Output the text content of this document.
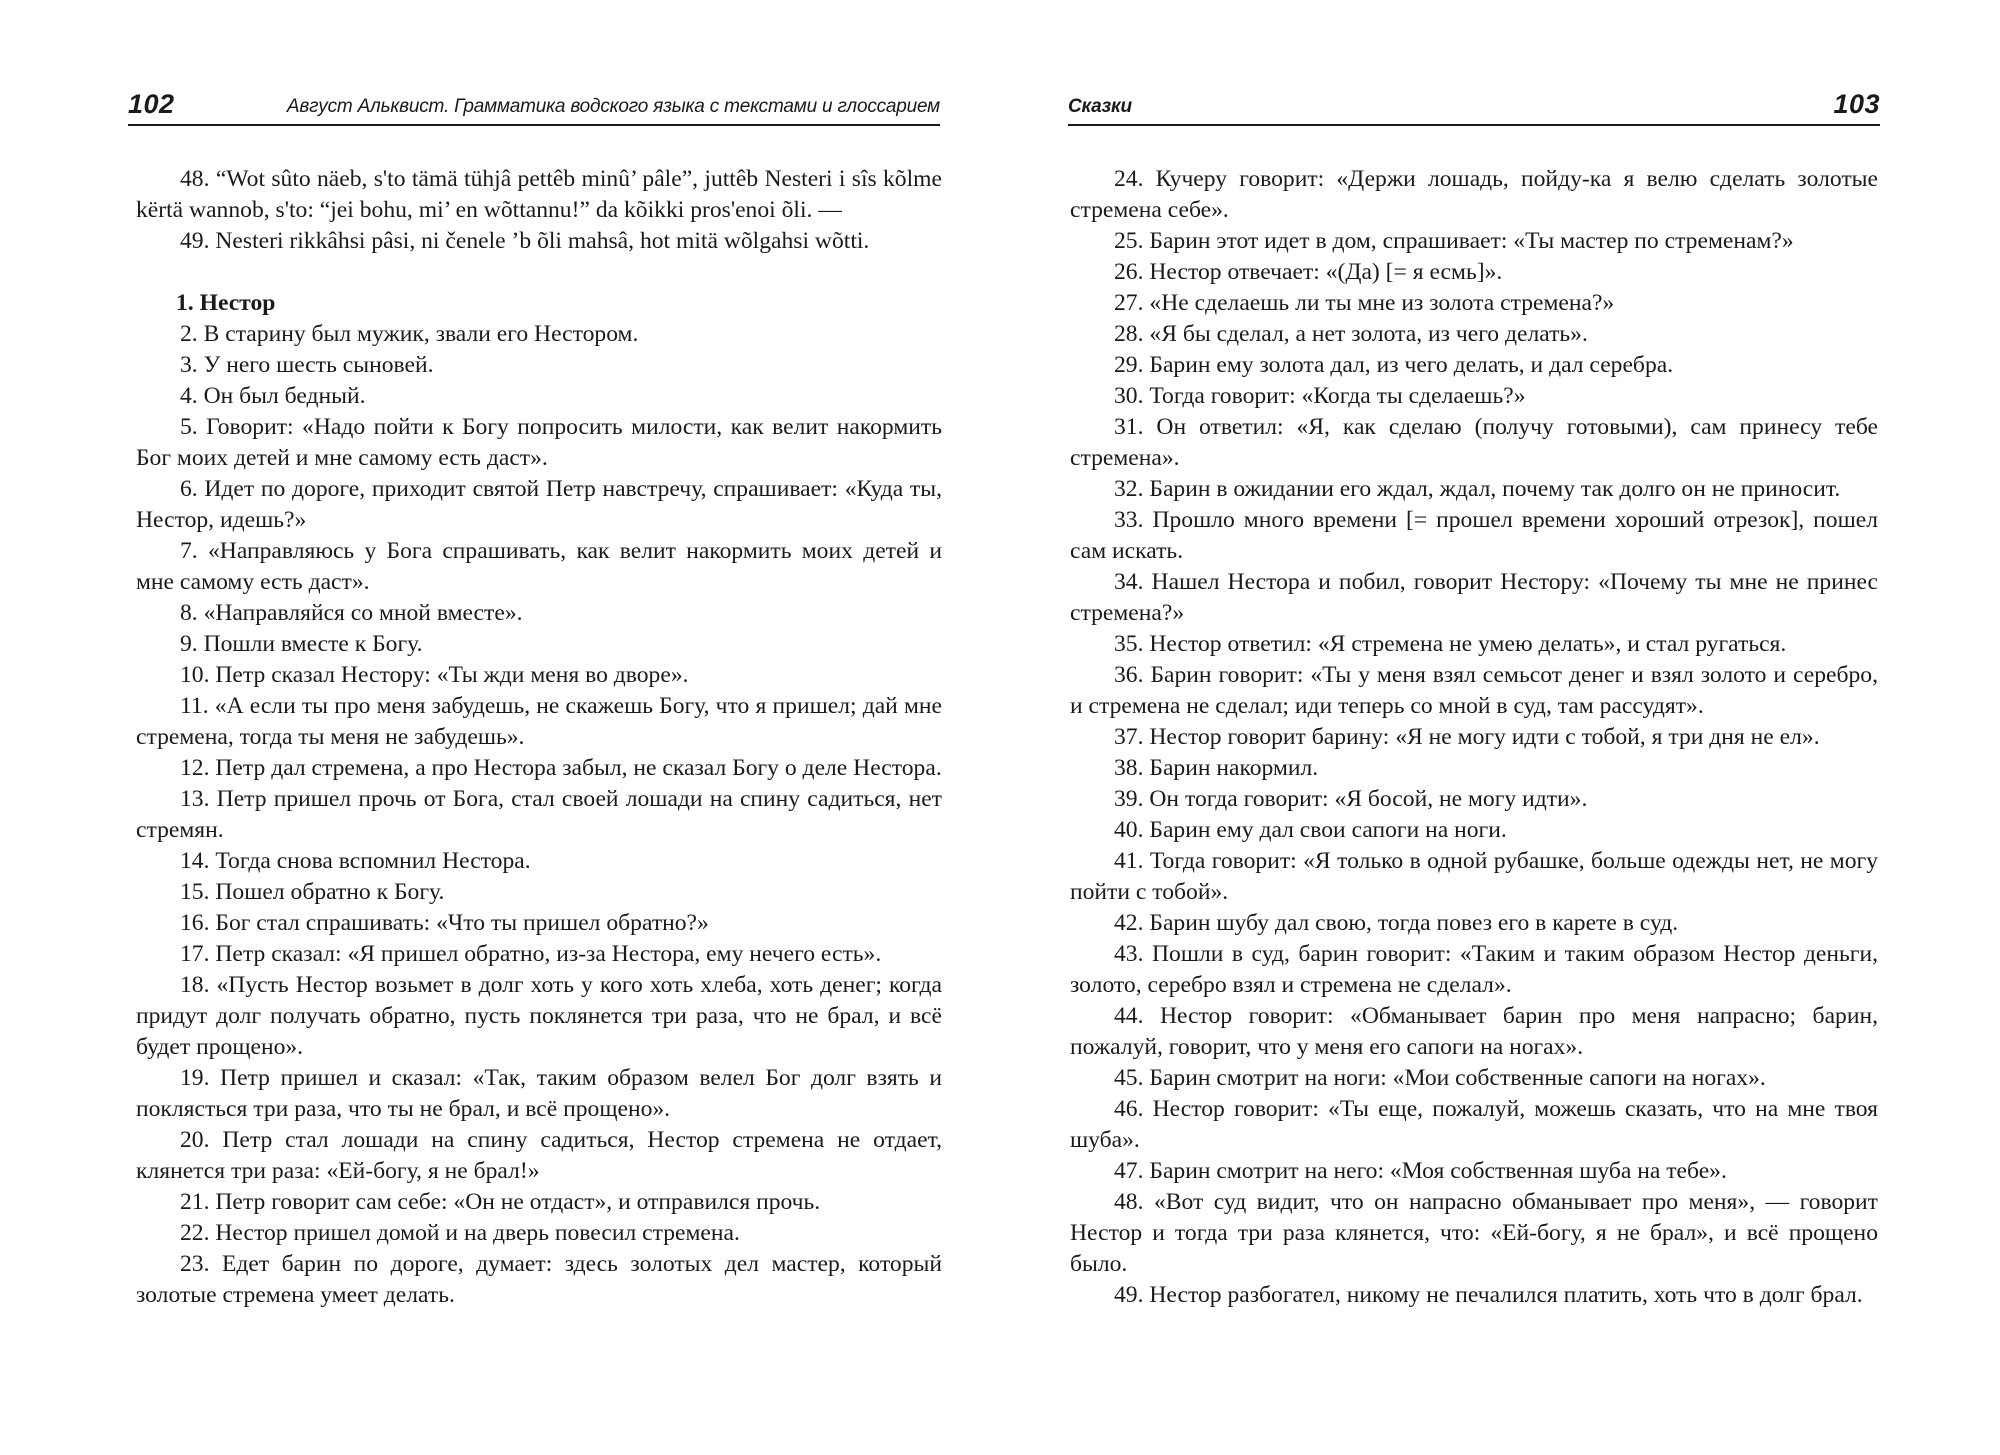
102	Август Альквист. Грамматика водского языка с текстами и глоссарием

48. “Wot sûto näeb, s'to tämä tühjâ pettêb minû’ pâle”, juttêb Nesteri i sîs kõlme kërtä wannob, s'to: “jei bohu, mi’ en wõttannu!” da kõikki pros'enoi õli. —

49. Nesteri rikkâhsi pâsi, ni čenele ’b õli mahsâ, hot mitä wõlgahsi wõtti.

1. Нестор

2. В старину был мужик, звали его Нестором.

3. У него шесть сыновей.

4. Он был бедный.

5. Говорит: «Надо пойти к Богу попросить милости, как велит накормить Бог моих детей и мне самому есть даст».

6. Идет по дороге, приходит святой Петр навстречу, спрашивает: «Куда ты, Нестор, идешь?»

7. «Направляюсь у Бога спрашивать, как велит накормить моих детей и мне самому есть даст».

8. «Направляйся со мной вместе».

9. Пошли вместе к Богу.

10. Петр сказал Нестору: «Ты жди меня во дворе».

11. «А если ты про меня забудешь, не скажешь Богу, что я пришел; дай мне стремена, тогда ты меня не забудешь».

12. Петр дал стремена, а про Нестора забыл, не сказал Богу о деле Нестора.

13. Петр пришел прочь от Бога, стал своей лошади на спину садиться, нет стремян.

14. Тогда снова вспомнил Нестора.

15. Пошел обратно к Богу.

16. Бог стал спрашивать: «Что ты пришел обратно?»

17. Петр сказал: «Я пришел обратно, из-за Нестора, ему нечего есть».

18. «Пусть Нестор возьмет в долг хоть у кого хоть хлеба, хоть денег; когда придут долг получать обратно, пусть поклянется три раза, что не брал, и всё будет прощено».

19. Петр пришел и сказал: «Так, таким образом велел Бог долг взять и поклясться три раза, что ты не брал, и всё прощено».

20. Петр стал лошади на спину садиться, Нестор стремена не отдает, клянется три раза: «Ей-богу, я не брал!»

21. Петр говорит сам себе: «Он не отдаст», и отправился прочь.

22. Нестор пришел домой и на дверь повесил стремена.

23. Едет барин по дороге, думает: здесь золотых дел мастер, который золотые стремена умеет делать.

Сказки	103

24. Кучеру говорит: «Держи лошадь, пойду-ка я велю сделать золотые стремена себе».

25. Барин этот идет в дом, спрашивает: «Ты мастер по стременам?»

26. Нестор отвечает: «(Да) [= я есмь]».

27. «Не сделаешь ли ты мне из золота стремена?»

28. «Я бы сделал, а нет золота, из чего делать».

29. Барин ему золота дал, из чего делать, и дал серебра.

30. Тогда говорит: «Когда ты сделаешь?»

31. Он ответил: «Я, как сделаю (получу готовыми), сам принесу тебе стремена».

32. Барин в ожидании его ждал, ждал, почему так долго он не приносит.

33. Прошло много времени [= прошел времени хороший отрезок], пошел сам искать.

34. Нашел Нестора и побил, говорит Нестору: «Почему ты мне не принес стремена?»

35. Нестор ответил: «Я стремена не умею делать», и стал ругаться.

36. Барин говорит: «Ты у меня взял семьсот денег и взял золото и серебро, и стремена не сделал; иди теперь со мной в суд, там рассудят».

37. Нестор говорит барину: «Я не могу идти с тобой, я три дня не ел».

38. Барин накормил.

39. Он тогда говорит: «Я босой, не могу идти».

40. Барин ему дал свои сапоги на ноги.

41. Тогда говорит: «Я только в одной рубашке, больше одежды нет, не могу пойти с тобой».

42. Барин шубу дал свою, тогда повез его в карете в суд.

43. Пошли в суд, барин говорит: «Таким и таким образом Нестор деньги, золото, серебро взял и стремена не сделал».

44. Нестор говорит: «Обманывает барин про меня напрасно; барин, пожалуй, говорит, что у меня его сапоги на ногах».

45. Барин смотрит на ноги: «Мои собственные сапоги на ногах».

46. Нестор говорит: «Ты еще, пожалуй, можешь сказать, что на мне твоя шуба».

47. Барин смотрит на него: «Моя собственная шуба на тебе».

48. «Вот суд видит, что он напрасно обманывает про меня», — говорит Нестор и тогда три раза клянется, что: «Ей-богу, я не брал», и всё прощено было.

49. Нестор разбогател, никому не печалился платить, хоть что в долг брал.
